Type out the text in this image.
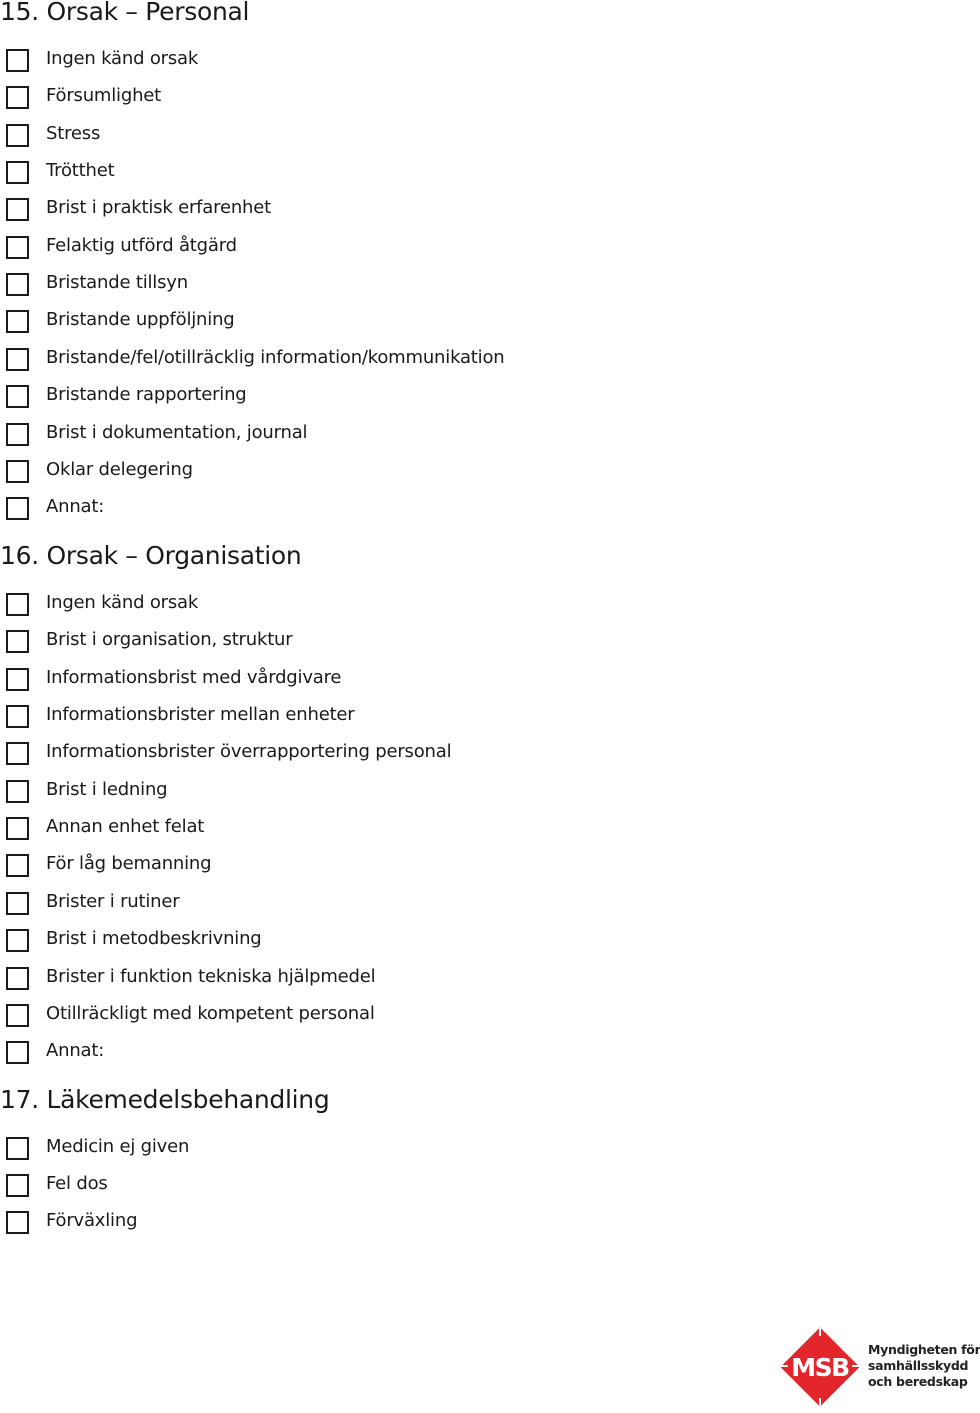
15. Orsak – Personal
Ingen känd orsak
Försumlighet
Stress
Trötthet
Brist i praktisk erfarenhet
Felaktig utförd åtgärd
Bristande tillsyn
Bristande uppföljning
Bristande/fel/otillräcklig information/kommunikation
Bristande rapportering
Brist i dokumentation, journal
Oklar delegering
Annat:
16. Orsak – Organisation
Ingen känd orsak
Brist i organisation, struktur
Informationsbrist med vårdgivare
Informationsbrister mellan enheter
Informationsbrister överrapportering personal
Brist i ledning
Annan enhet felat
För låg bemanning
Brister i rutiner
Brist i metodbeskrivning
Brister i funktion tekniska hjälpmedel
Otillräckligt med kompetent personal
Annat:
17. Läkemedelsbehandling
Medicin ej given
Fel dos
Förväxling
MSB
Myndigheten för
samhällsskydd
och beredskap
